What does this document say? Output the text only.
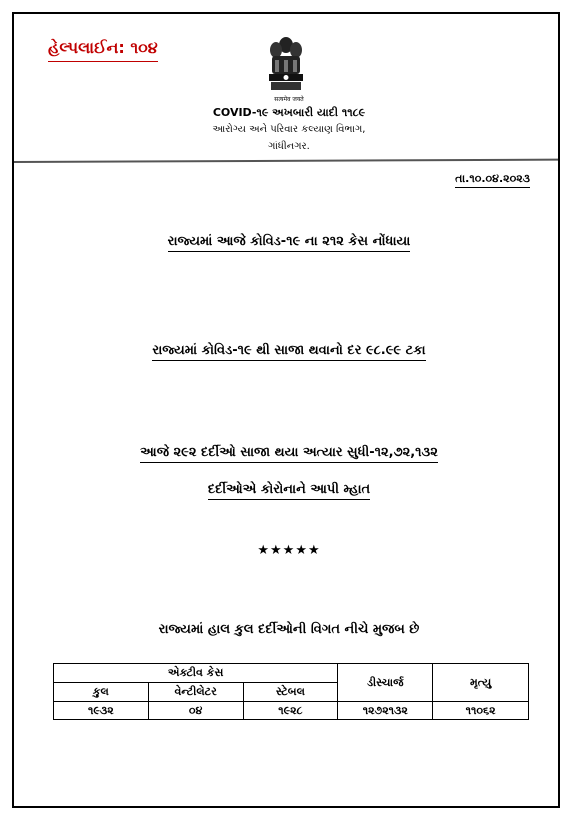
હેલ્પલાઈન: ૧૦૪
सत्यमेव जयते
COVID-૧૯ અખબારી યાદી ૧૧૮૯
આરોગ્ય અને પરિવાર કલ્યાણ વિભાગ,
ગાંધીનગર.
તા.૧૦.૦૪.૨૦૨૩
રાજ્યમાં આજે કોવિડ-૧૯ ના ૨૧૨ કેસ નોંધાયા
રાજ્યમાં કોવિડ-૧૯ થી સાજા થવાનો દર ૯૮.૯૯ ટકા
આજે ૨૯૨ દર્દીઓ સાજા થયા અત્યાર સુધી-૧૨,૭૨,૧૩૨
દર્દીઓએ કોરોનાને આપી મ્હાત
★★★★★
રાજ્યમાં હાલ કુલ દર્દીઓની વિગત નીચે મુજબ છે
એક્ટીવ કેસ			ડીસ્ચાર્જ	મૃત્યુ
કુલ	વેન્ટીલેટર	સ્ટેબલ		
૧૯૩૨	૦૪	૧૯૨૮	૧૨૭૨૧૩૨	૧૧૦૬૨
